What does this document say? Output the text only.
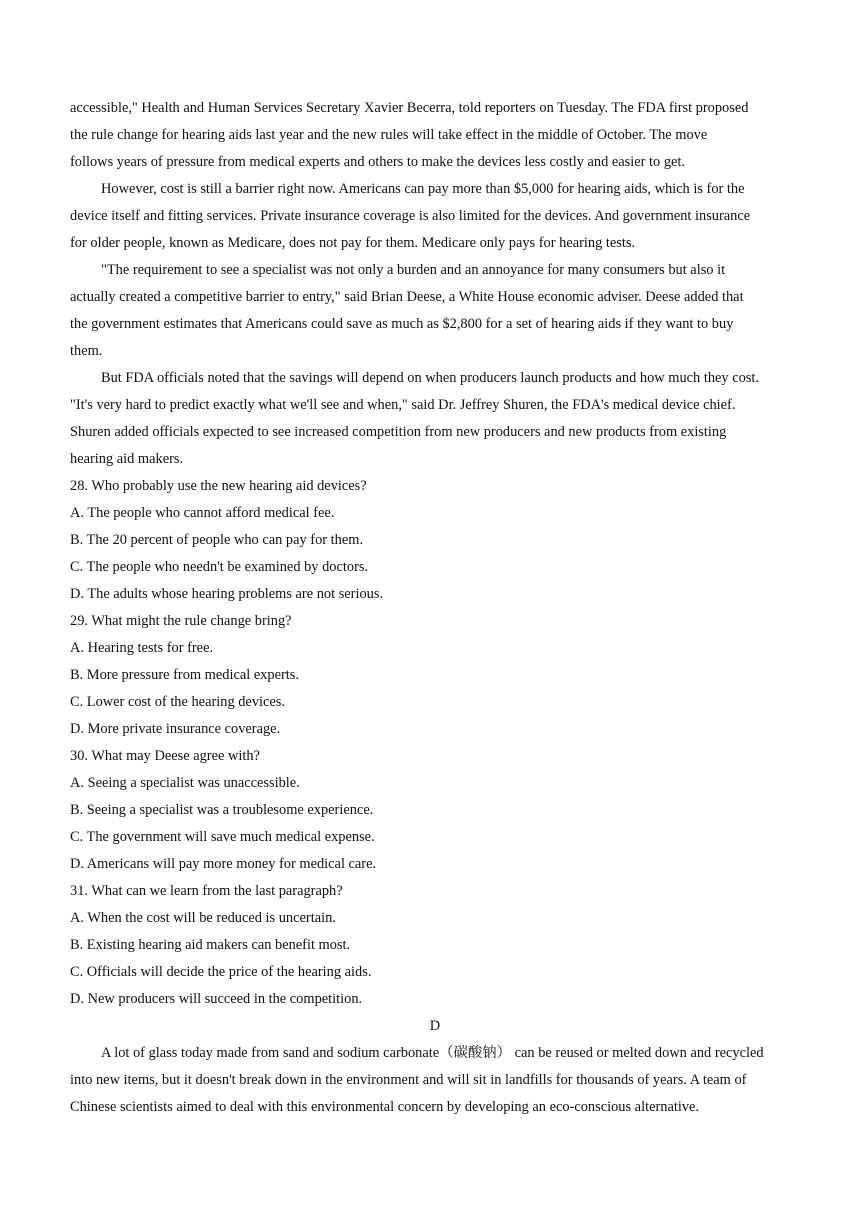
accessible," Health and Human Services Secretary Xavier Becerra, told reporters on Tuesday. The FDA first proposed

the rule change for hearing aids last year and the new rules will take effect in the middle of October. The move

follows years of pressure from medical experts and others to make the devices less costly and easier to get.

However, cost is still a barrier right now. Americans can pay more than $5,000 for hearing aids, which is for the

device itself and fitting services. Private insurance coverage is also limited for the devices. And government insurance

for older people, known as Medicare, does not pay for them. Medicare only pays for hearing tests.

"The requirement to see a specialist was not only a burden and an annoyance for many consumers but also it

actually created a competitive barrier to entry," said Brian Deese, a White House economic adviser. Deese added that

the government estimates that Americans could save as much as $2,800 for a set of hearing aids if they want to buy

them.

But FDA officials noted that the savings will depend on when producers launch products and how much they cost.

"It's very hard to predict exactly what we'll see and when," said Dr. Jeffrey Shuren, the FDA's medical device chief.

Shuren added officials expected to see increased competition from new producers and new products from existing

hearing aid makers.

28. Who probably use the new hearing aid devices?

A. The people who cannot afford medical fee.

B. The 20 percent of people who can pay for them.

C. The people who needn't be examined by doctors.

D. The adults whose hearing problems are not serious.

29. What might the rule change bring?

A. Hearing tests for free.

B. More pressure from medical experts.

C. Lower cost of the hearing devices.

D. More private insurance coverage.

30. What may Deese agree with?

A. Seeing a specialist was unaccessible.

B. Seeing a specialist was a troublesome experience.

C. The government will save much medical expense.

D. Americans will pay more money for medical care.

31. What can we learn from the last paragraph?

A. When the cost will be reduced is uncertain.

B. Existing hearing aid makers can benefit most.

C. Officials will decide the price of the hearing aids.

D. New producers will succeed in the competition.

D

A lot of glass today made from sand and sodium carbonate（碳酸钠） can be reused or melted down and recycled

into new items, but it doesn't break down in the environment and will sit in landfills for thousands of years. A team of

Chinese scientists aimed to deal with this environmental concern by developing an eco-conscious alternative.
